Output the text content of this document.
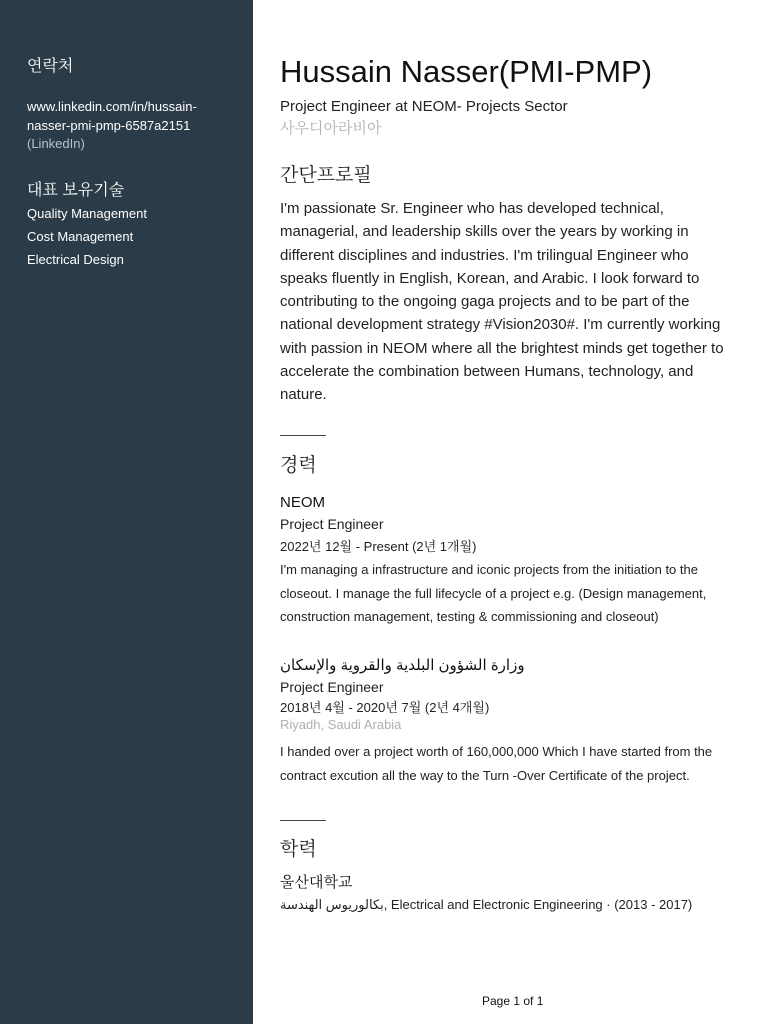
연락처
www.linkedin.com/in/hussain-nasser-pmi-pmp-6587a2151
(LinkedIn)
대표 보유기술
Quality Management
Cost Management
Electrical Design
Hussain Nasser(PMI-PMP)
Project Engineer at NEOM- Projects Sector
사우디아라비아
간단프로필
I'm passionate Sr. Engineer who has developed technical, managerial, and leadership skills over the years by working in different disciplines and industries. I'm trilingual Engineer who speaks fluently in English, Korean, and Arabic. I look forward to contributing to the ongoing gaga projects and to be part of the national development strategy #Vision2030#. I'm currently working with passion in NEOM where all the brightest minds get together to accelerate the combination between Humans, technology, and nature.
경력
NEOM
Project Engineer
2022년 12월 - Present (2년 1개월)
I'm managing a infrastructure and iconic projects from the initiation to the closeout. I manage the full lifecycle of a project e.g. (Design management, construction management, testing & commissioning and closeout)
وزارة الشؤون البلدية والقروية والإسكان
Project Engineer
2018년 4월 - 2020년 7월 (2년 4개월)
Riyadh, Saudi Arabia
I handed over a project worth of 160,000,000 Which I have started from the contract excution all the way to the Turn -Over Certificate of the project.
학력
울산대학교
بكالوريوس الهندسة, Electrical and Electronic Engineering · (2013 - 2017)
Page 1 of 1
